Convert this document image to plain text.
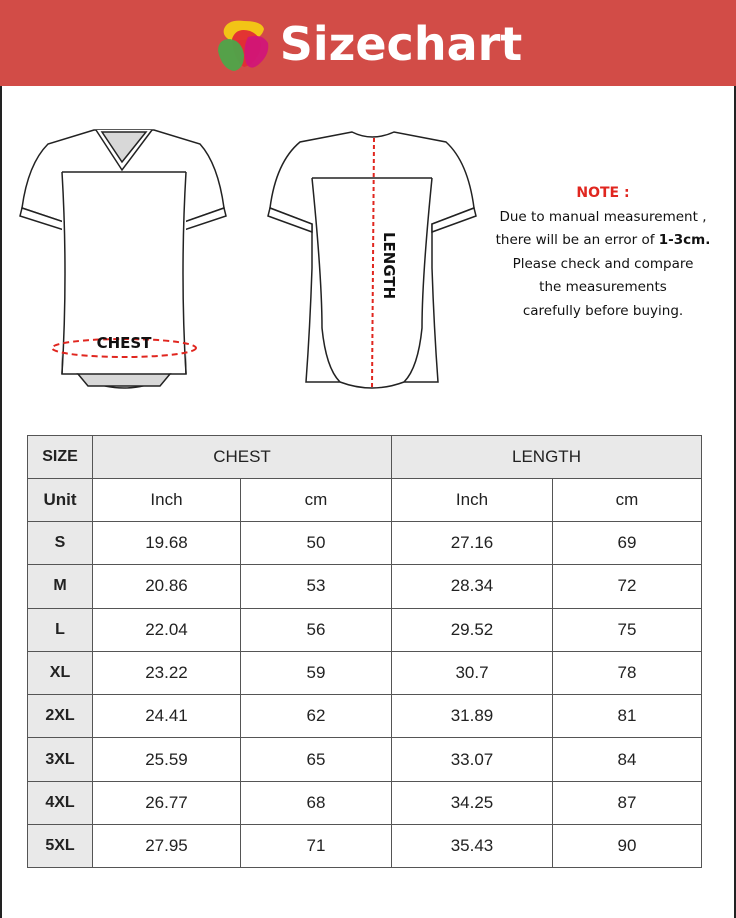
Sizechart
CHEST
LENGTH
NOTE :
Due to manual measurement ,
there will be an error of 1-3cm.
Please check and compare
the measurements
carefully before buying.
SIZE	CHEST		LENGTH	
Unit	Inch	cm	Inch	cm
S	19.68	50	27.16	69
M	20.86	53	28.34	72
L	22.04	56	29.52	75
XL	23.22	59	30.7	78
2XL	24.41	62	31.89	81
3XL	25.59	65	33.07	84
4XL	26.77	68	34.25	87
5XL	27.95	71	35.43	90
